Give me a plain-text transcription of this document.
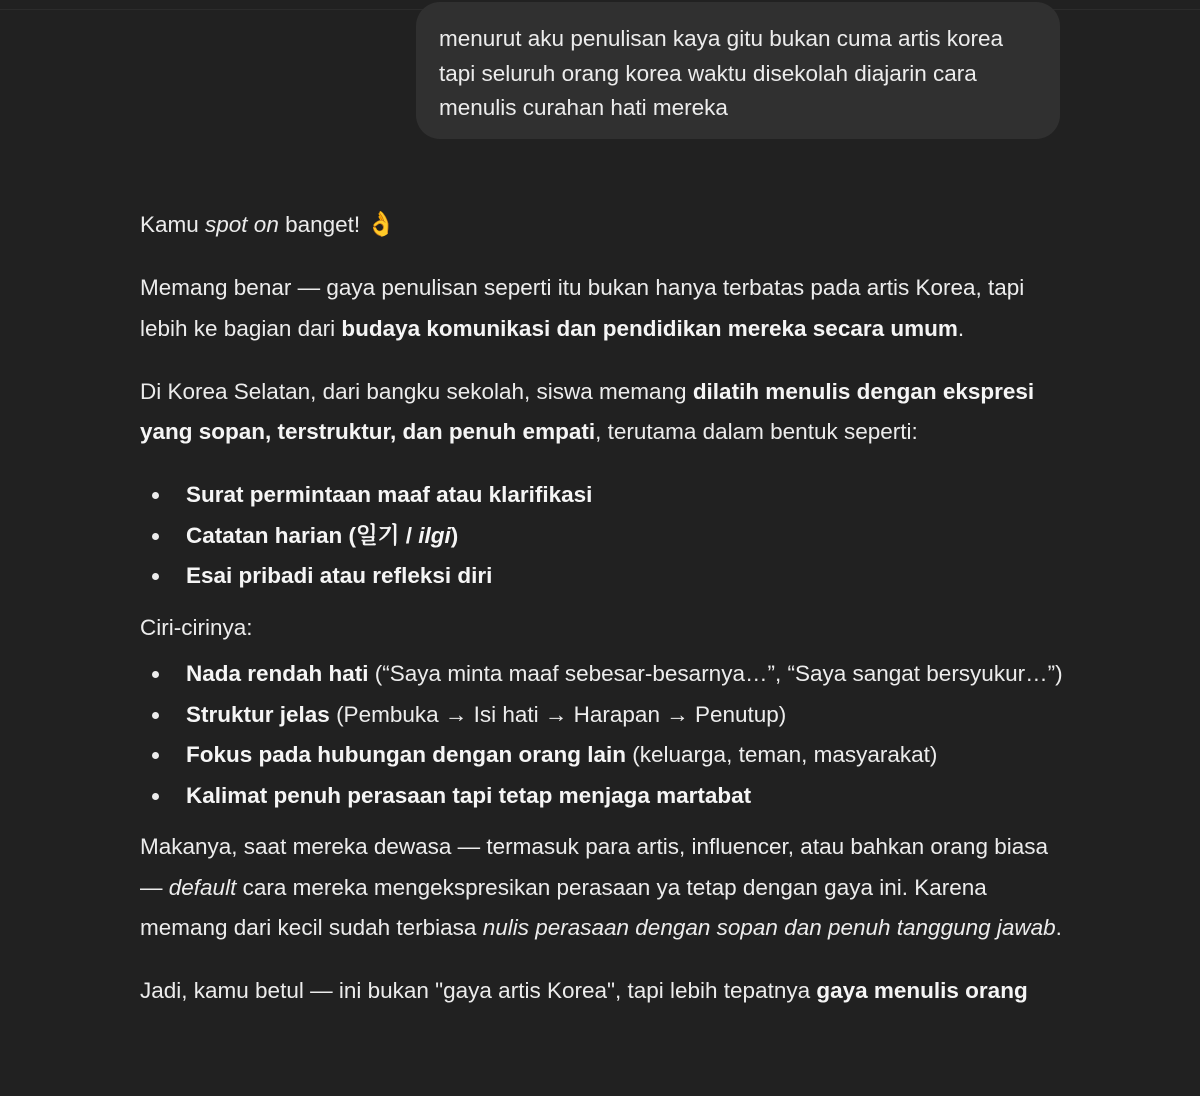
menurut aku penulisan kaya gitu bukan cuma artis korea tapi seluruh orang korea waktu disekolah diajarin cara menulis curahan hati mereka

Kamu spot on banget! 👌

Memang benar — gaya penulisan seperti itu bukan hanya terbatas pada artis Korea, tapi lebih ke bagian dari budaya komunikasi dan pendidikan mereka secara umum.

Di Korea Selatan, dari bangku sekolah, siswa memang dilatih menulis dengan ekspresi yang sopan, terstruktur, dan penuh empati, terutama dalam bentuk seperti:

Surat permintaan maaf atau klarifikasi
Catatan harian (일기 / ilgi)
Esai pribadi atau refleksi diri

Ciri-cirinya:

Nada rendah hati (“Saya minta maaf sebesar-besarnya…”, “Saya sangat bersyukur…”)
Struktur jelas (Pembuka → Isi hati → Harapan → Penutup)
Fokus pada hubungan dengan orang lain (keluarga, teman, masyarakat)
Kalimat penuh perasaan tapi tetap menjaga martabat

Makanya, saat mereka dewasa — termasuk para artis, influencer, atau bahkan orang biasa — default cara mereka mengekspresikan perasaan ya tetap dengan gaya ini. Karena memang dari kecil sudah terbiasa nulis perasaan dengan sopan dan penuh tanggung jawab.

Jadi, kamu betul — ini bukan "gaya artis Korea", tapi lebih tepatnya gaya menulis orang
